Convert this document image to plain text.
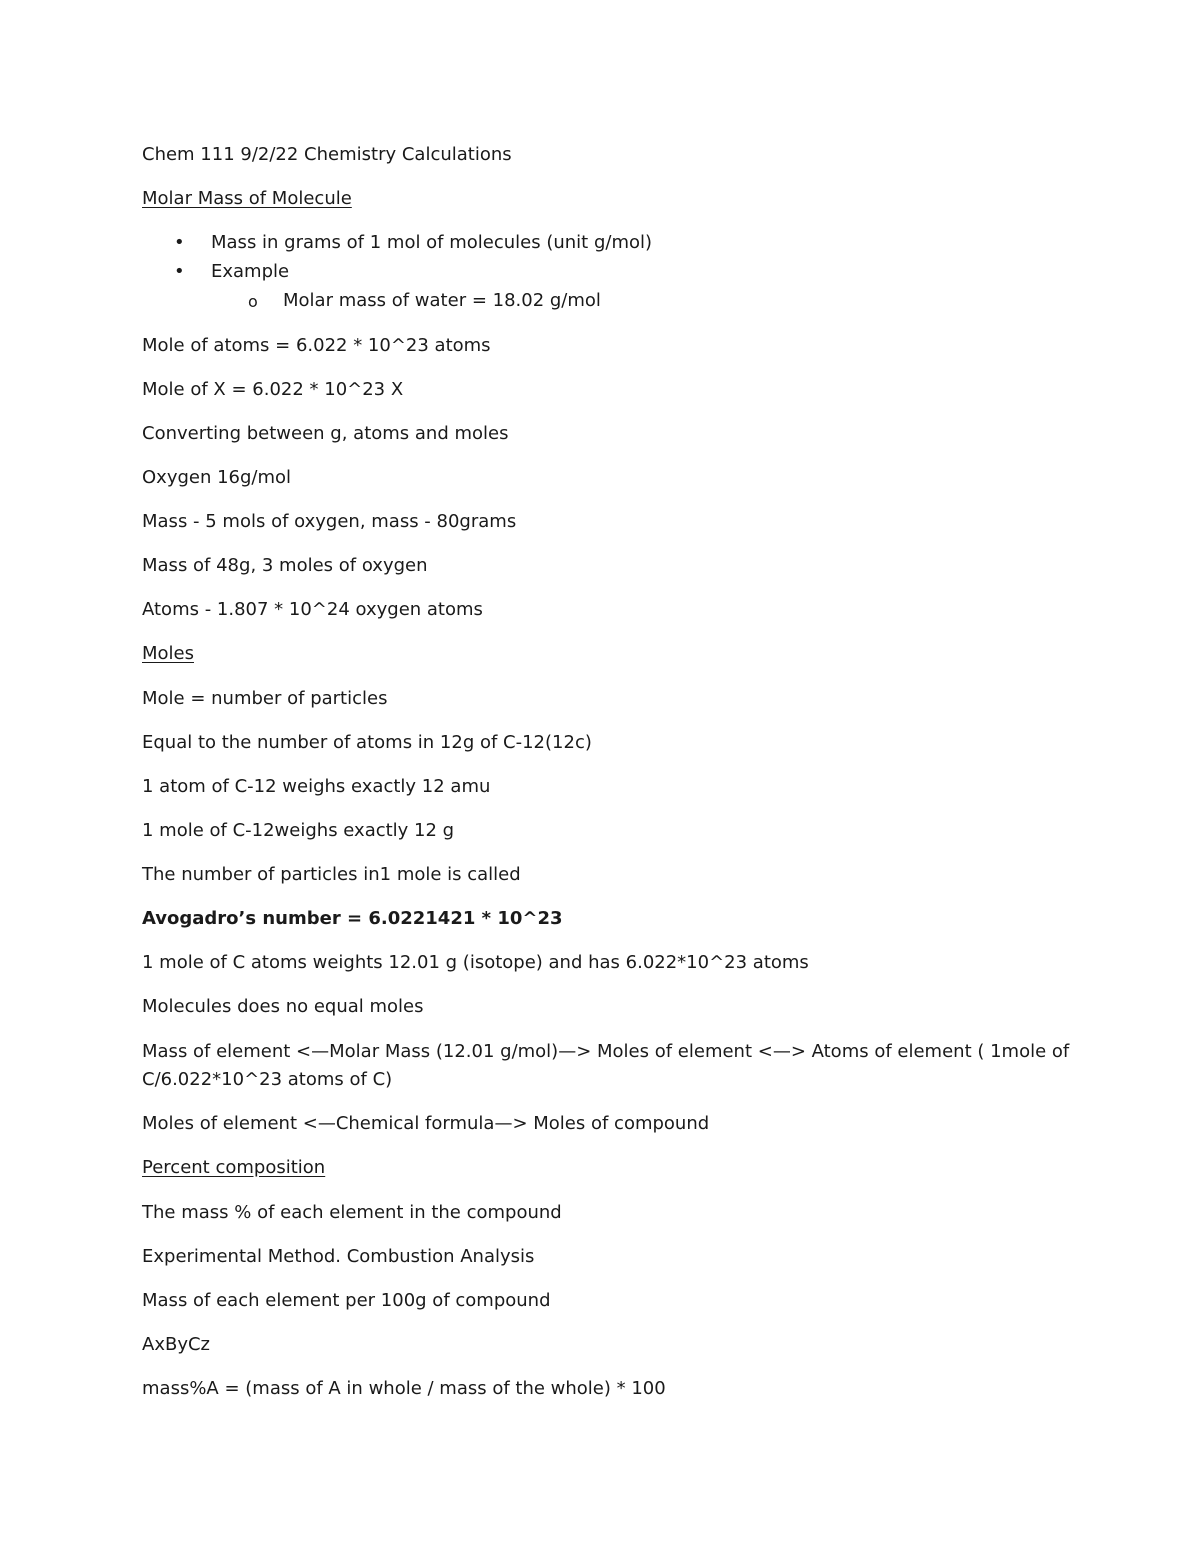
Chem 111 9/2/22 Chemistry Calculations
Molar Mass of Molecule
• Mass in grams of 1 mol of molecules (unit g/mol)
• Example
o Molar mass of water = 18.02 g/mol
Mole of atoms = 6.022 * 10^23 atoms
Mole of X = 6.022 * 10^23 X
Converting between g, atoms and moles
Oxygen 16g/mol
Mass - 5 mols of oxygen, mass - 80grams
Mass of 48g, 3 moles of oxygen
Atoms - 1.807 * 10^24 oxygen atoms
Moles
Mole = number of particles
Equal to the number of atoms in 12g of C-12(12c)
1 atom of C-12 weighs exactly 12 amu
1 mole of C-12weighs exactly 12 g
The number of particles in1 mole is called
Avogadro’s number = 6.0221421 * 10^23
1 mole of C atoms weights 12.01 g (isotope) and has 6.022*10^23 atoms
Molecules does no equal moles
Mass of element <—Molar Mass (12.01 g/mol)—> Moles of element <—> Atoms of element ( 1mole of
C/6.022*10^23 atoms of C)
Moles of element <—Chemical formula—> Moles of compound
Percent composition
The mass % of each element in the compound
Experimental Method. Combustion Analysis
Mass of each element per 100g of compound
AxByCz
mass%A = (mass of A in whole / mass of the whole) * 100
